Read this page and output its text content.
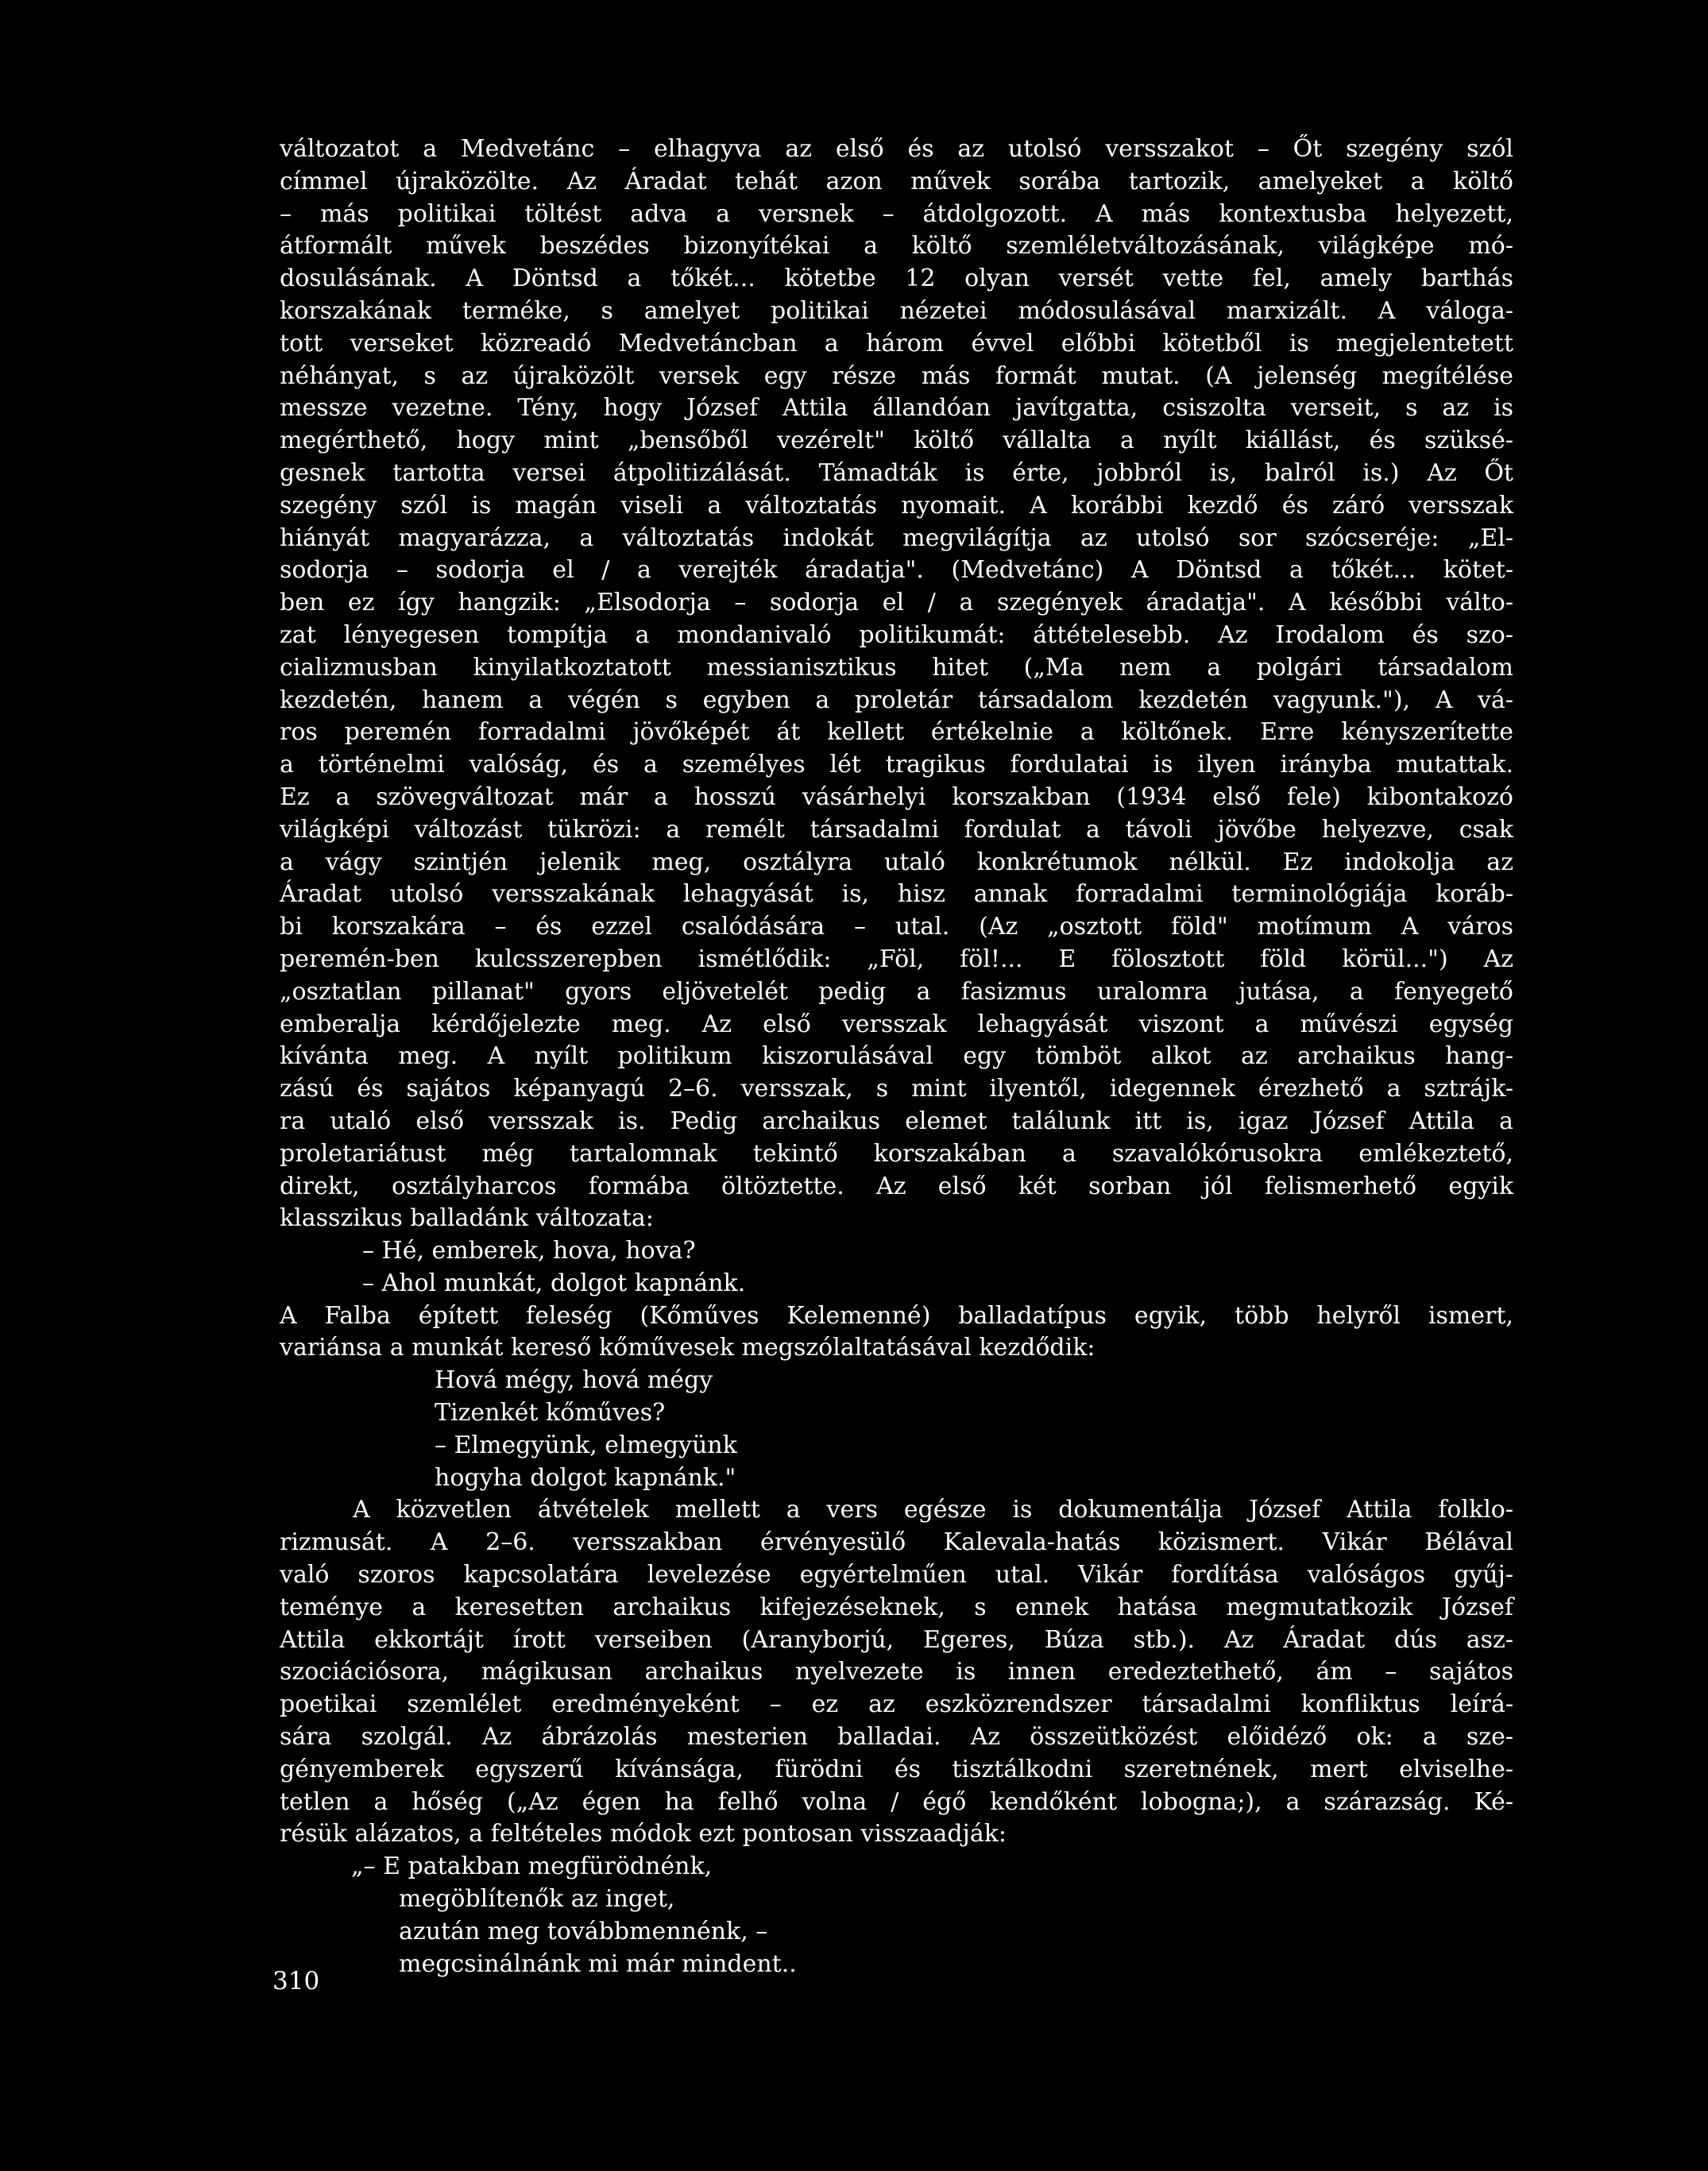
változatot a Medvetánc – elhagyva az első és az utolsó versszakot – Őt szegény szól
címmel újraközölte. Az Áradat tehát azon művek sorába tartozik, amelyeket a költő
– más politikai töltést adva a versnek – átdolgozott. A más kontextusba helyezett,
átformált művek beszédes bizonyítékai a költő szemléletváltozásának, világképe mó-
dosulásának. A Döntsd a tőkét... kötetbe 12 olyan versét vette fel, amely barthás
korszakának terméke, s amelyet politikai nézetei módosulásával marxizált. A váloga-
tott verseket közreadó Medvetáncban a három évvel előbbi kötetből is megjelentetett
néhányat, s az újraközölt versek egy része más formát mutat. (A jelenség megítélése
messze vezetne. Tény, hogy József Attila állandóan javítgatta, csiszolta verseit, s az is
megérthető, hogy mint „bensőből vezérelt" költő vállalta a nyílt kiállást, és szüksé-
gesnek tartotta versei átpolitizálását. Támadták is érte, jobbról is, balról is.) Az Őt
szegény szól is magán viseli a változtatás nyomait. A korábbi kezdő és záró versszak
hiányát magyarázza, a változtatás indokát megvilágítja az utolsó sor szócseréje: „El-
sodorja – sodorja el / a verejték áradatja". (Medvetánc) A Döntsd a tőkét... kötet-
ben ez így hangzik: „Elsodorja – sodorja el / a szegények áradatja". A későbbi válto-
zat lényegesen tompítja a mondanivaló politikumát: áttételesebb. Az Irodalom és szo-
cializmusban kinyilatkoztatott messianisztikus hitet („Ma nem a polgári társadalom
kezdetén, hanem a végén s egyben a proletár társadalom kezdetén vagyunk."), A vá-
ros peremén forradalmi jövőképét át kellett értékelnie a költőnek. Erre kényszerítette
a történelmi valóság, és a személyes lét tragikus fordulatai is ilyen irányba mutattak.
Ez a szövegváltozat már a hosszú vásárhelyi korszakban (1934 első fele) kibontakozó
világképi változást tükrözi: a remélt társadalmi fordulat a távoli jövőbe helyezve, csak
a vágy szintjén jelenik meg, osztályra utaló konkrétumok nélkül. Ez indokolja az
Áradat utolsó versszakának lehagyását is, hisz annak forradalmi terminológiája koráb-
bi korszakára – és ezzel csalódására – utal. (Az „osztott föld" motímum A város
peremén-ben kulcsszerepben ismétlődik: „Föl, föl!... E fölosztott föld körül...") Az
„osztatlan pillanat" gyors eljövetelét pedig a fasizmus uralomra jutása, a fenyegető
emberalja kérdőjelezte meg. Az első versszak lehagyását viszont a művészi egység
kívánta meg. A nyílt politikum kiszorulásával egy tömböt alkot az archaikus hang-
zású és sajátos képanyagú 2–6. versszak, s mint ilyentől, idegennek érezhető a sztrájk-
ra utaló első versszak is. Pedig archaikus elemet találunk itt is, igaz József Attila a
proletariátust még tartalomnak tekintő korszakában a szavalókórusokra emlékeztető,
direkt, osztályharcos formába öltöztette. Az első két sorban jól felismerhető egyik
klasszikus balladánk változata:
– Hé, emberek, hova, hova?
– Ahol munkát, dolgot kapnánk.
A Falba épített feleség (Kőműves Kelemenné) balladatípus egyik, több helyről ismert,
variánsa a munkát kereső kőművesek megszólaltatásával kezdődik:
Hová mégy, hová mégy
Tizenkét kőműves?
– Elmegyünk, elmegyünk
hogyha dolgot kapnánk."
A közvetlen átvételek mellett a vers egésze is dokumentálja József Attila folklo-
rizmusát. A 2–6. versszakban érvényesülő Kalevala-hatás közismert. Vikár Bélával
való szoros kapcsolatára levelezése egyértelműen utal. Vikár fordítása valóságos gyűj-
teménye a keresetten archaikus kifejezéseknek, s ennek hatása megmutatkozik József
Attila ekkortájt írott verseiben (Aranyborjú, Egeres, Búza stb.). Az Áradat dús asz-
szociációsora, mágikusan archaikus nyelvezete is innen eredeztethető, ám – sajátos
poetikai szemlélet eredményeként – ez az eszközrendszer társadalmi konfliktus leírá-
sára szolgál. Az ábrázolás mesterien balladai. Az összeütközést előidéző ok: a sze-
gényemberek egyszerű kívánsága, fürödni és tisztálkodni szeretnének, mert elviselhe-
tetlen a hőség („Az égen ha felhő volna / égő kendőként lobogna;), a szárazság. Ké-
résük alázatos, a feltételes módok ezt pontosan visszaadják:
„– E patakban megfürödnénk,
megöblítenők az inget,
azután meg továbbmennénk, –
megcsinálnánk mi már mindent..
310
